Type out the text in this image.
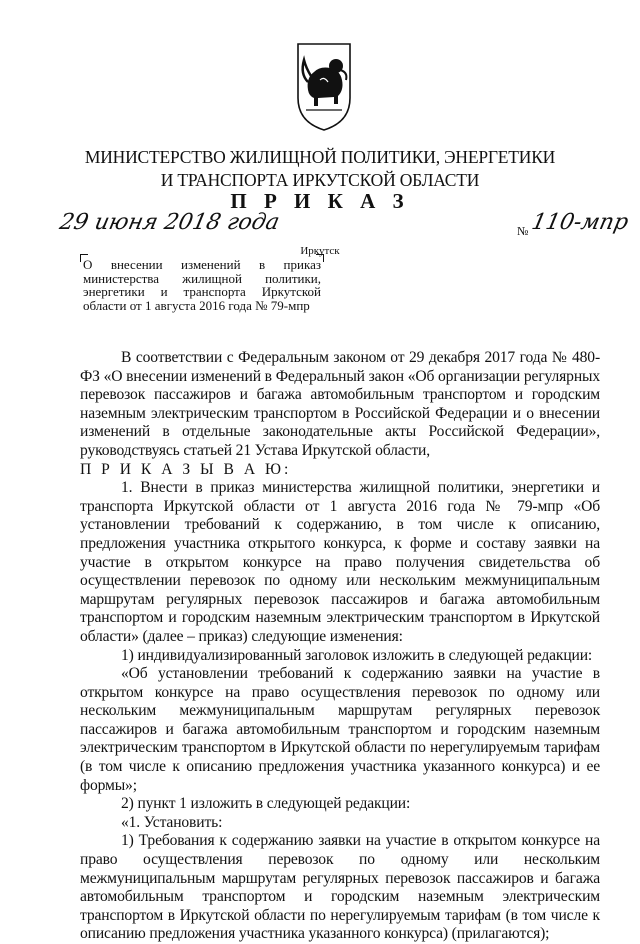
МИНИСТЕРСТВО ЖИЛИЩНОЙ ПОЛИТИКИ, ЭНЕРГЕТИКИ
И ТРАНСПОРТА ИРКУТСКОЙ ОБЛАСТИ
П Р И К А З
29 июня 2018 года	№ 110-мпр
Иркутск
О внесении изменений в приказ министерства жилищной политики, энергетики и транспорта Иркутской области от 1 августа 2016 года № 79-мпр

В соответствии с Федеральным законом от 29 декабря 2017 года № 480-ФЗ «О внесении изменений в Федеральный закон «Об организации регулярных перевозок пассажиров и багажа автомобильным транспортом и городским наземным электрическим транспортом в Российской Федерации и о внесении изменений в отдельные законодательные акты Российской Федерации», руководствуясь статьей 21 Устава Иркутской области,

П Р И К А З Ы В А Ю:

1. Внести в приказ министерства жилищной политики, энергетики и транспорта Иркутской области от 1 августа 2016 года № 79-мпр «Об установлении требований к содержанию, в том числе к описанию, предложения участника открытого конкурса, к форме и составу заявки на участие в открытом конкурсе на право получения свидетельства об осуществлении перевозок по одному или нескольким межмуниципальным маршрутам регулярных перевозок пассажиров и багажа автомобильным транспортом и городским наземным электрическим транспортом в Иркутской области» (далее – приказ) следующие изменения:

1) индивидуализированный заголовок изложить в следующей редакции:

«Об установлении требований к содержанию заявки на участие в открытом конкурсе на право осуществления перевозок по одному или нескольким межмуниципальным маршрутам регулярных перевозок пассажиров и багажа автомобильным транспортом и городским наземным электрическим транспортом в Иркутской области по нерегулируемым тарифам (в том числе к описанию предложения участника указанного конкурса) и ее формы»;

2) пункт 1 изложить в следующей редакции:

«1. Установить:

1) Требования к содержанию заявки на участие в открытом конкурсе на право осуществления перевозок по одному или нескольким межмуниципальным маршрутам регулярных перевозок пассажиров и багажа автомобильным транспортом и городским наземным электрическим транспортом в Иркутской области по нерегулируемым тарифам (в том числе к описанию предложения участника указанного конкурса) (прилагаются);
